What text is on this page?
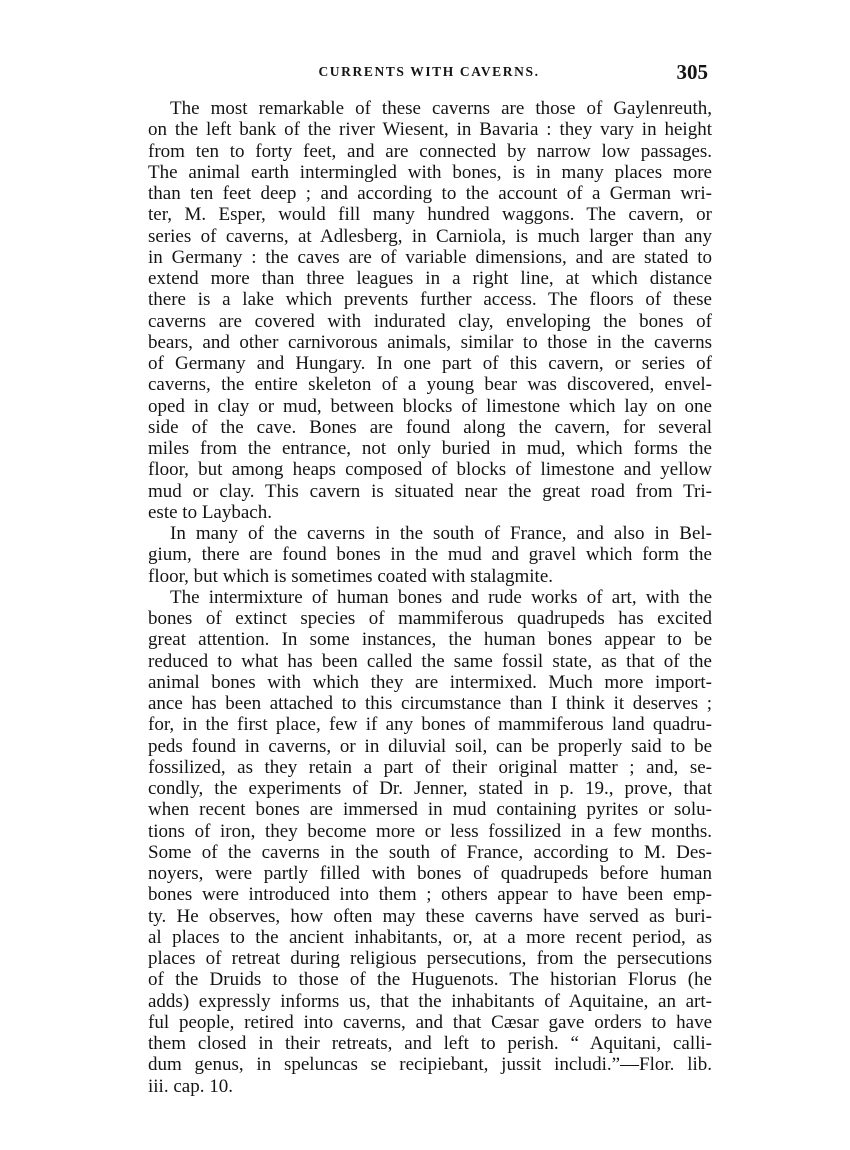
CURRENTS WITH CAVERNS.	305
The most remarkable of these caverns are those of Gaylenreuth,
on the left bank of the river Wiesent, in Bavaria : they vary in height
from ten to forty feet, and are connected by narrow low passages.
The animal earth intermingled with bones, is in many places more
than ten feet deep ; and according to the account of a German wri-
ter, M. Esper, would fill many hundred waggons. The cavern, or
series of caverns, at Adlesberg, in Carniola, is much larger than any
in Germany : the caves are of variable dimensions, and are stated to
extend more than three leagues in a right line, at which distance
there is a lake which prevents further access. The floors of these
caverns are covered with indurated clay, enveloping the bones of
bears, and other carnivorous animals, similar to those in the caverns
of Germany and Hungary. In one part of this cavern, or series of
caverns, the entire skeleton of a young bear was discovered, envel-
oped in clay or mud, between blocks of limestone which lay on one
side of the cave. Bones are found along the cavern, for several
miles from the entrance, not only buried in mud, which forms the
floor, but among heaps composed of blocks of limestone and yellow
mud or clay. This cavern is situated near the great road from Tri-
este to Laybach.
In many of the caverns in the south of France, and also in Bel-
gium, there are found bones in the mud and gravel which form the
floor, but which is sometimes coated with stalagmite.
The intermixture of human bones and rude works of art, with the
bones of extinct species of mammiferous quadrupeds has excited
great attention. In some instances, the human bones appear to be
reduced to what has been called the same fossil state, as that of the
animal bones with which they are intermixed. Much more import-
ance has been attached to this circumstance than I think it deserves ;
for, in the first place, few if any bones of mammiferous land quadru-
peds found in caverns, or in diluvial soil, can be properly said to be
fossilized, as they retain a part of their original matter ; and, se-
condly, the experiments of Dr. Jenner, stated in p. 19., prove, that
when recent bones are immersed in mud containing pyrites or solu-
tions of iron, they become more or less fossilized in a few months.
Some of the caverns in the south of France, according to M. Des-
noyers, were partly filled with bones of quadrupeds before human
bones were introduced into them ; others appear to have been emp-
ty. He observes, how often may these caverns have served as buri-
al places to the ancient inhabitants, or, at a more recent period, as
places of retreat during religious persecutions, from the persecutions
of the Druids to those of the Huguenots. The historian Florus (he
adds) expressly informs us, that the inhabitants of Aquitaine, an art-
ful people, retired into caverns, and that Cæsar gave orders to have
them closed in their retreats, and left to perish. “ Aquitani, calli-
dum genus, in speluncas se recipiebant, jussit includi.”—Flor. lib.
iii. cap. 10.
